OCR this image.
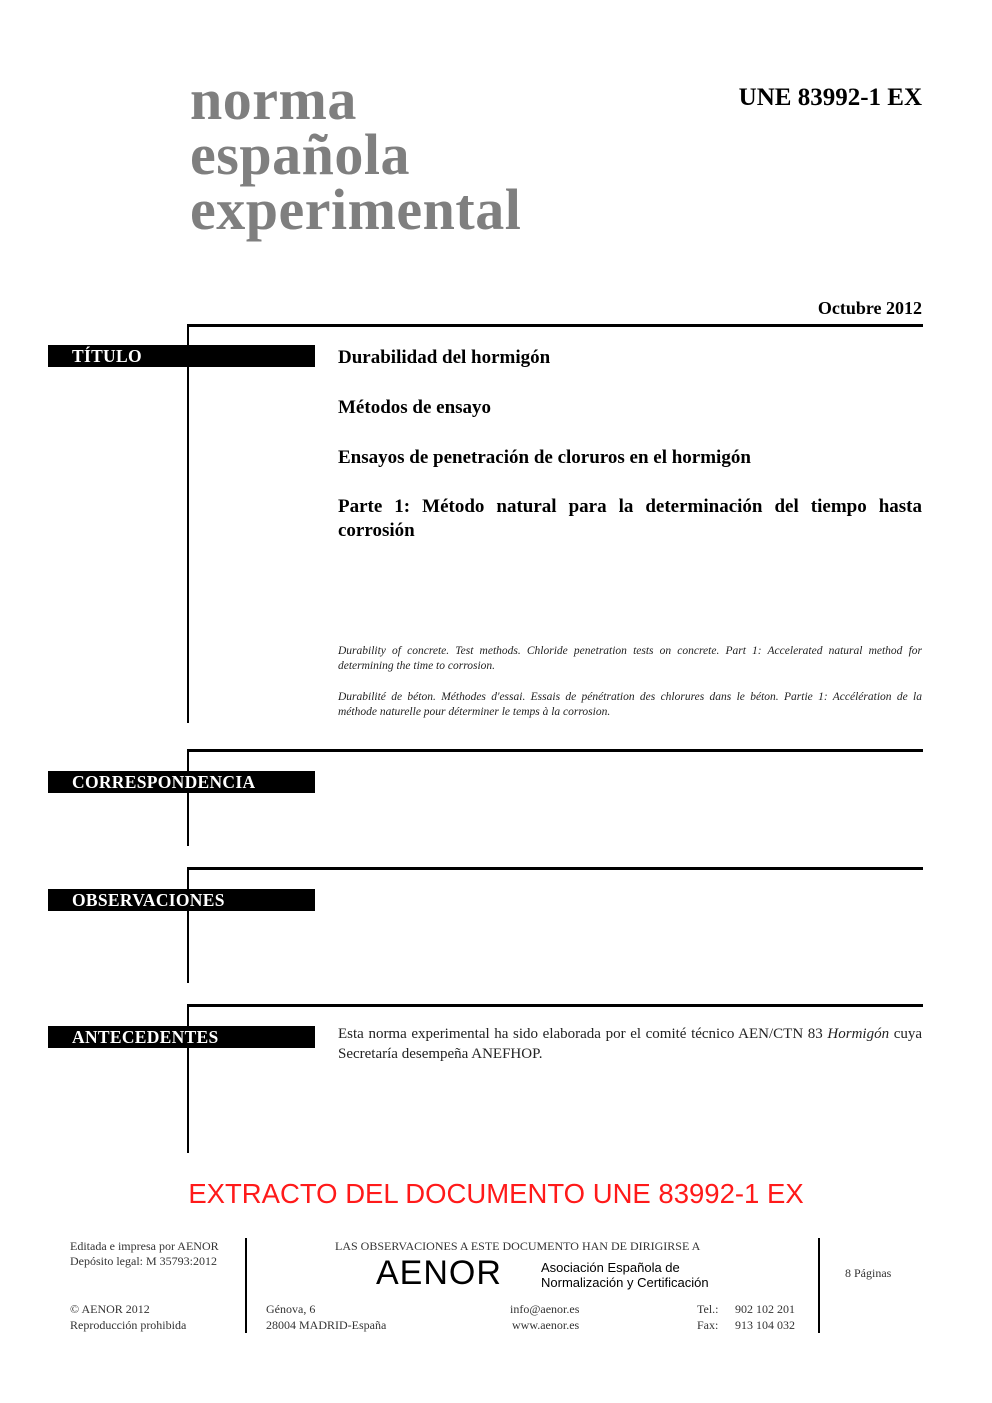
norma
española
experimental
UNE 83992-1 EX
Octubre 2012
TÍTULO	Durabilidad del hormigón
Métodos de ensayo
Ensayos de penetración de cloruros en el hormigón
Parte 1: Método natural para la determinación del tiempo hasta corrosión
Durability of concrete. Test methods. Chloride penetration tests on concrete. Part 1: Accelerated natural method for determining the time to corrosion.
Durabilité de béton. Méthodes d'essai. Essais de pénétration des chlorures dans le béton. Partie 1: Accélération de la méthode naturelle pour déterminer le temps à la corrosion.
CORRESPONDENCIA
OBSERVACIONES
ANTECEDENTES	Esta norma experimental ha sido elaborada por el comité técnico AEN/CTN 83 Hormigón cuya Secretaría desempeña ANEFHOP.
EXTRACTO DEL DOCUMENTO UNE 83992-1 EX
Editada e impresa por AENOR
Depósito legal: M 35793:2012
© AENOR 2012
Reproducción prohibida
LAS OBSERVACIONES A ESTE DOCUMENTO HAN DE DIRIGIRSE A
AENOR	Asociación Española de
Normalización y Certificación
Génova, 6
28004 MADRID-España
info@aenor.es
www.aenor.es
Tel.: 902 102 201
Fax: 913 104 032
8 Páginas
